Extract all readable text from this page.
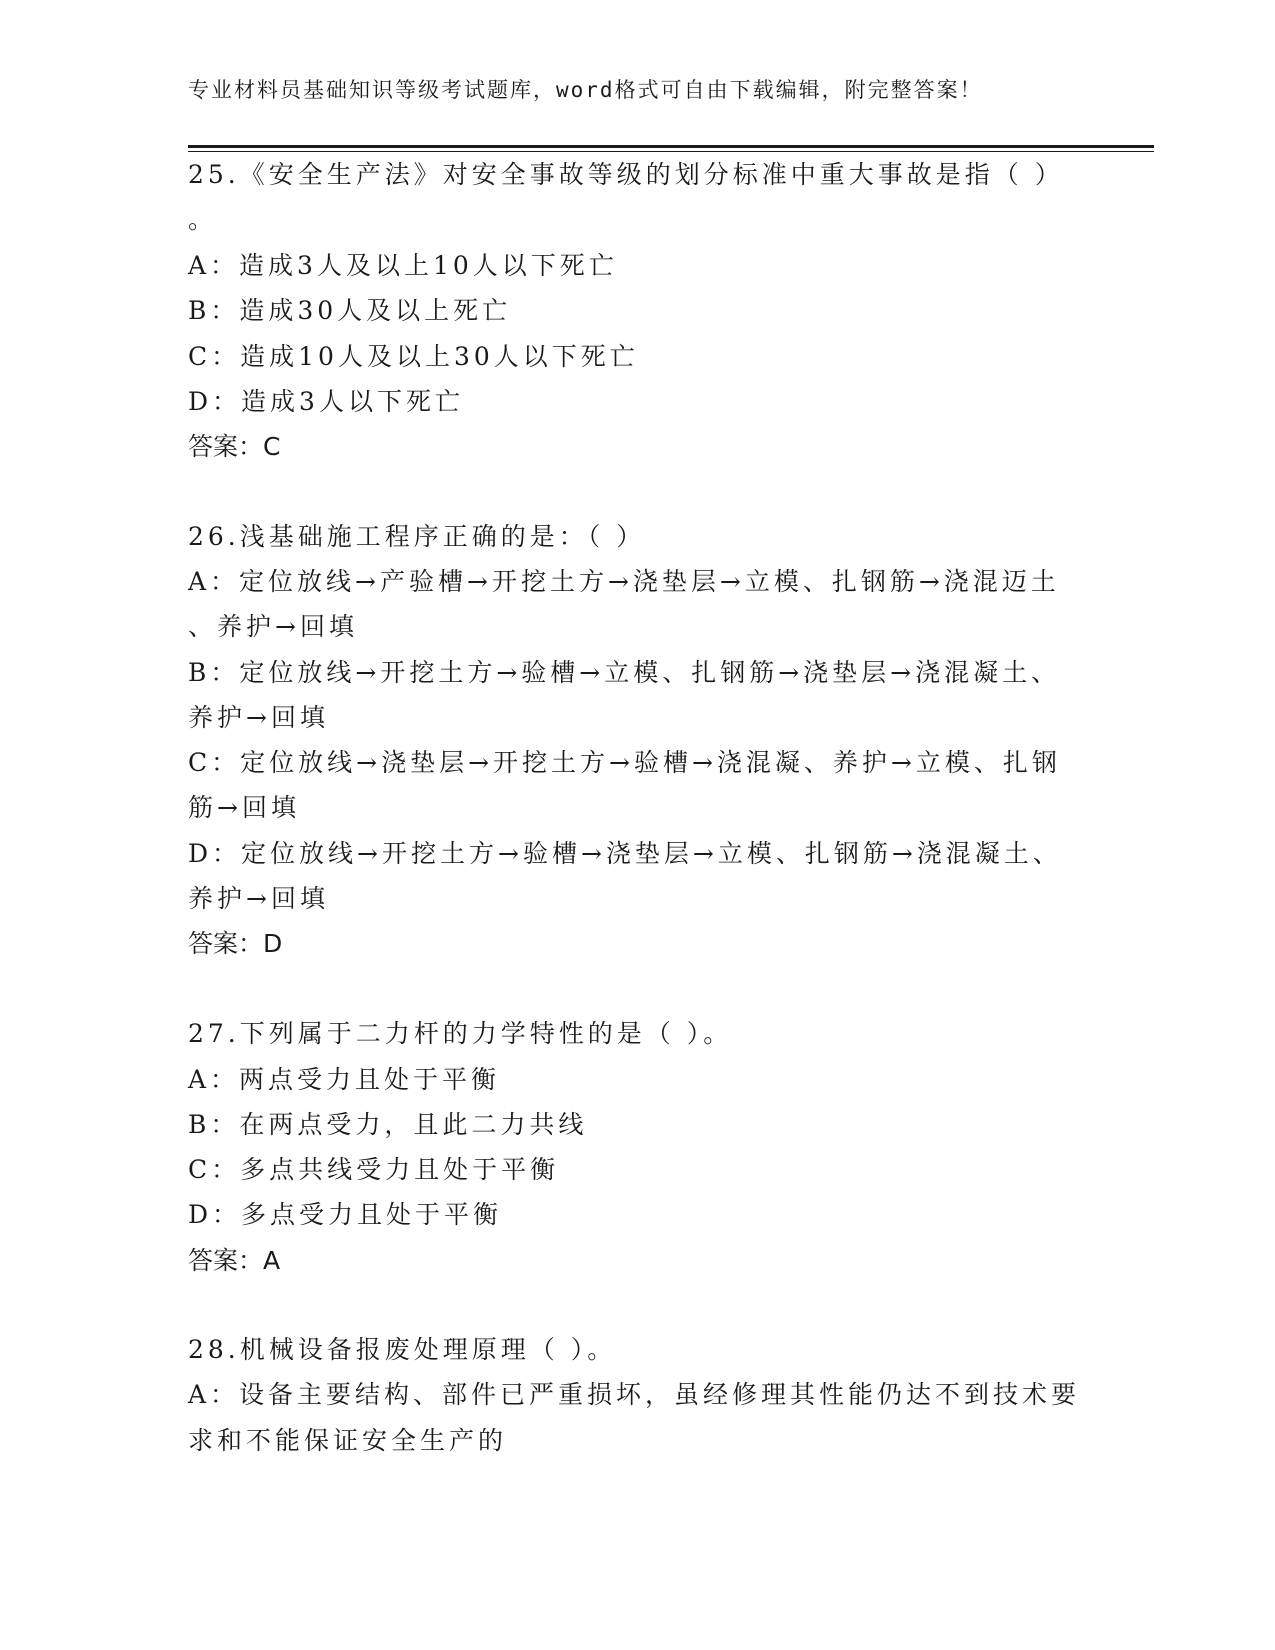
专业材料员基础知识等级考试题库，word格式可自由下载编辑，附完整答案！
25.《安全生产法》对安全事故等级的划分标准中重大事故是指（ ）
。
A：造成3人及以上10人以下死亡
B：造成30人及以上死亡
C：造成10人及以上30人以下死亡
D：造成3人以下死亡
答案：C
26.浅基础施工程序正确的是：（ ）
A：定位放线→产验槽→开挖土方→浇垫层→立模、扎钢筋→浇混迈土
、养护→回填
B：定位放线→开挖土方→验槽→立模、扎钢筋→浇垫层→浇混凝土、
养护→回填
C：定位放线→浇垫层→开挖土方→验槽→浇混凝、养护→立模、扎钢
筋→回填
D：定位放线→开挖土方→验槽→浇垫层→立模、扎钢筋→浇混凝土、
养护→回填
答案：D
27.下列属于二力杆的力学特性的是（ ）。
A：两点受力且处于平衡
B：在两点受力，且此二力共线
C：多点共线受力且处于平衡
D：多点受力且处于平衡
答案：A
28.机械设备报废处理原理（ ）。
A：设备主要结构、部件已严重损坏，虽经修理其性能仍达不到技术要
求和不能保证安全生产的
